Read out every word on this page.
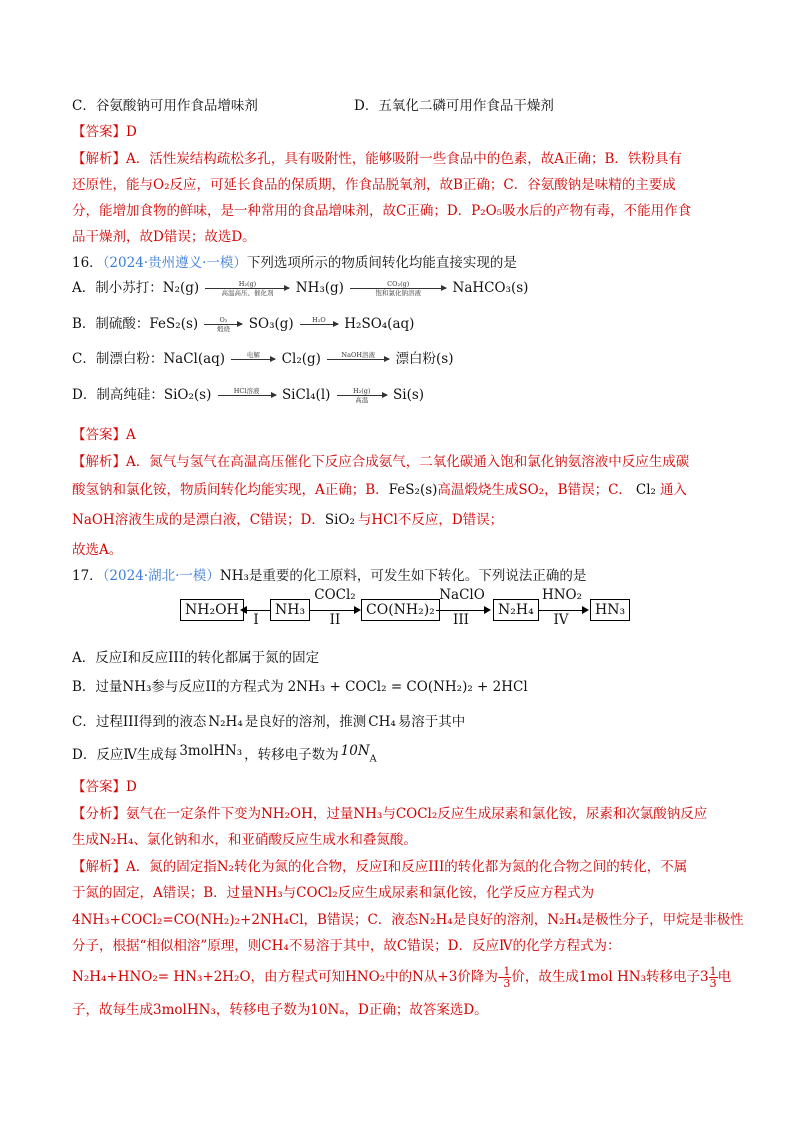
C．谷氨酸钠可用作食品增味剂	D．五氧化二磷可用作食品干燥剂
【答案】D
【解析】A．活性炭结构疏松多孔，具有吸附性，能够吸附一些食品中的色素，故A正确；B．铁粉具有
还原性，能与O₂反应，可延长食品的保质期，作食品脱氧剂，故B正确；C．谷氨酸钠是味精的主要成
分，能增加食物的鲜味，是一种常用的食品增味剂，故C正确；D．P₂O₅吸水后的产物有毒，不能用作食
品干燥剂，故D错误；故选D。
16．（2024·贵州遵义·一模）下列选项所示的物质间转化均能直接实现的是
A．制小苏打：N₂(g)	H₂(g)
高温高压、催化剂	NH₃(g)	CO₂(g)
饱和氯化钠溶液	NaHCO₃(s)
B．制硫酸：FeS₂(s)	O₂
煅烧	SO₃(g)	H₂O
	H₂SO₄(aq)
C．制漂白粉：NaCl(aq)	电解
	Cl₂(g)	NaOH溶液
	漂白粉(s)
D．制高纯硅：SiO₂(s)	HCl溶液
	SiCl₄(l)	H₂(g)
高温	Si(s)
【答案】A
【解析】A．氮气与氢气在高温高压催化下反应合成氨气，二氧化碳通入饱和氯化钠氨溶液中反应生成碳
酸氢钠和氯化铵，物质间转化均能实现，A正确；B．FeS₂(s)高温煅烧生成SO₂，B错误；C． Cl₂ 通入
NaOH溶液生成的是漂白液，C错误；D．SiO₂ 与HCl不反应，D错误；
故选A。
17．（2024·湖北·一模）NH₃是重要的化工原料，可发生如下转化。下列说法正确的是
NH₂OH
I
NH₃
COCl₂
II
CO(NH₂)₂
NaClO
III
N₂H₄
HNO₂
IV
HN₃
A．反应I和反应III的转化都属于氮的固定
B．过量NH₃参与反应II的方程式为 2NH₃ + COCl₂ = CO(NH₂)₂ + 2HCl
C．过程III得到的液态 N₂H₄ 是良好的溶剂，推测 CH₄ 易溶于其中
D．反应Ⅳ生成每 3molHN₃ ，转移电子数为 $10N_A$
【答案】D
【分析】氨气在一定条件下变为NH₂OH，过量NH₃与COCl₂反应生成尿素和氯化铵，尿素和次氯酸钠反应
生成N₂H₄、氯化钠和水，和亚硝酸反应生成水和叠氮酸。
【解析】A．氮的固定指N₂转化为氮的化合物，反应I和反应III的转化都为氮的化合物之间的转化，不属
于氮的固定，A错误；B．过量NH₃与COCl₂反应生成尿素和氯化铵，化学反应方程式为
4NH₃+COCl₂=CO(NH₂)₂+2NH₄Cl，B错误；C．液态N₂H₄是良好的溶剂，N₂H₄是极性分子，甲烷是非极性
分子，根据“相似相溶”原理，则CH₄不易溶于其中，故C错误；D．反应Ⅳ的化学方程式为：
N₂H₄+HNO₂= HN₃+2H₂O，由方程式可知HNO₂中的N从+3价降为- $\frac{1}{3}$ 价，故生成1mol HN₃转移电子$3 \frac{1}{3}$ 电
子，故每生成3molHN₃，转移电子数为10Nₐ，D正确；故答案选D。
